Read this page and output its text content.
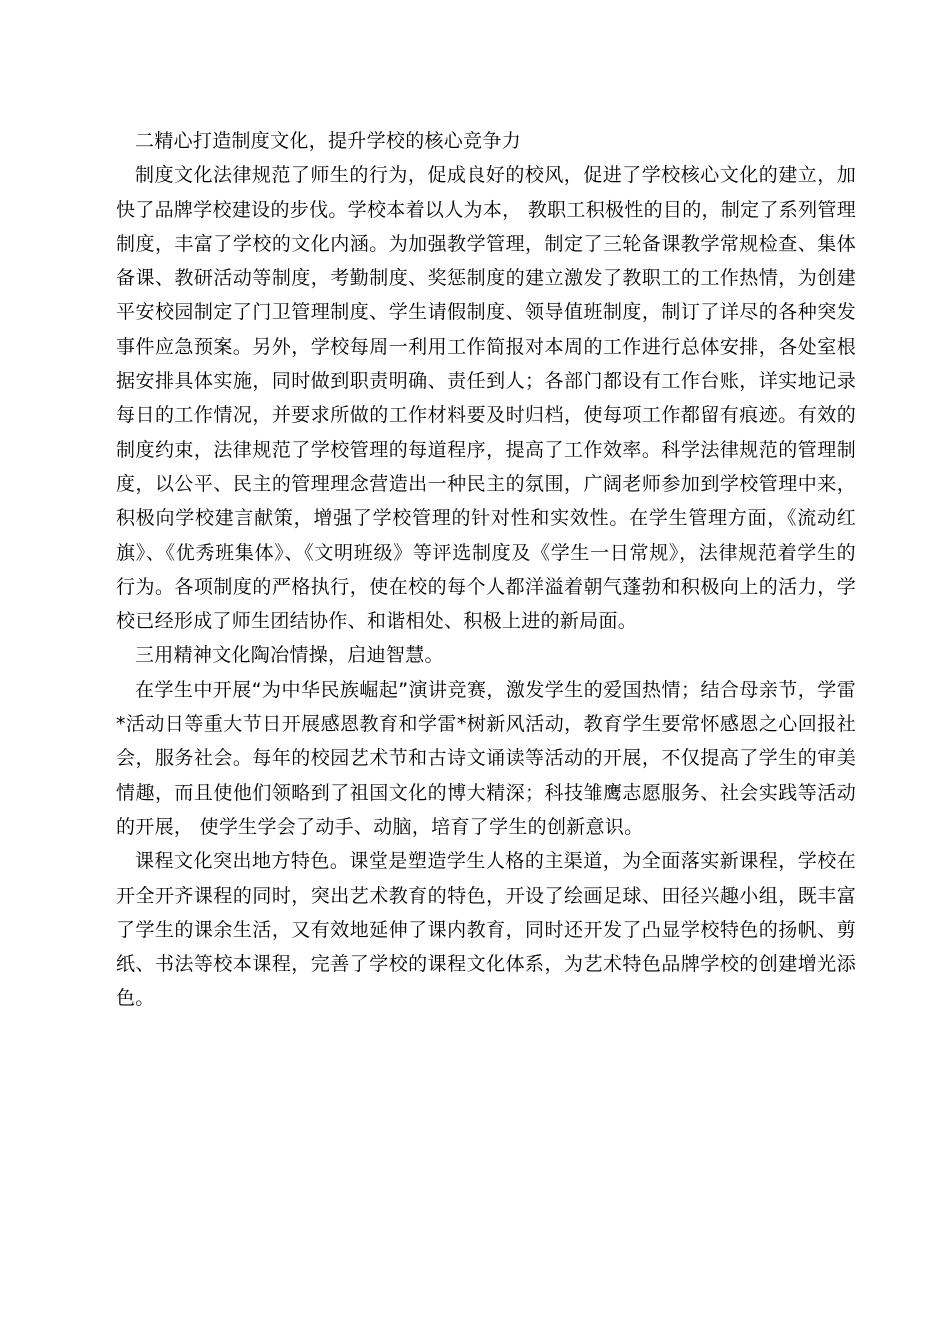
二精心打造制度文化，提升学校的核心竞争力

制度文化法律规范了师生的行为，促成良好的校风，促进了学校核心文化的建立，加快了品牌学校建设的步伐。学校本着以人为本， 教职工积极性的目的，制定了系列管理制度，丰富了学校的文化内涵。为加强教学管理，制定了三轮备课教学常规检查、集体备课、教研活动等制度，考勤制度、奖惩制度的建立激发了教职工的工作热情，为创建平安校园制定了门卫管理制度、学生请假制度、领导值班制度，制订了详尽的各种突发事件应急预案。另外，学校每周一利用工作简报对本周的工作进行总体安排，各处室根据安排具体实施，同时做到职责明确、责任到人；各部门都设有工作台账，详实地记录每日的工作情况，并要求所做的工作材料要及时归档，使每项工作都留有痕迹。有效的制度约束，法律规范了学校管理的每道程序，提高了工作效率。科学法律规范的管理制度，以公平、民主的管理理念营造出一种民主的氛围，广阔老师参加到学校管理中来，积极向学校建言献策，增强了学校管理的针对性和实效性。在学生管理方面，《流动红旗》、《优秀班集体》、《文明班级》等评选制度及《学生一日常规》，法律规范着学生的行为。各项制度的严格执行，使在校的每个人都洋溢着朝气蓬勃和积极向上的活力，学校已经形成了师生团结协作、和谐相处、积极上进的新局面。

三用精神文化陶冶情操，启迪智慧。

在学生中开展“为中华民族崛起”演讲竞赛，激发学生的爱国热情；结合母亲节，学雷*活动日等重大节日开展感恩教育和学雷*树新风活动，教育学生要常怀感恩之心回报社会，服务社会。每年的校园艺术节和古诗文诵读等活动的开展，不仅提高了学生的审美情趣，而且使他们领略到了祖国文化的博大精深；科技雏鹰志愿服务、社会实践等活动的开展， 使学生学会了动手、动脑，培育了学生的创新意识。

课程文化突出地方特色。课堂是塑造学生人格的主渠道，为全面落实新课程，学校在开全开齐课程的同时，突出艺术教育的特色，开设了绘画足球、田径兴趣小组，既丰富了学生的课余生活，又有效地延伸了课内教育，同时还开发了凸显学校特色的扬帆、剪纸、书法等校本课程，完善了学校的课程文化体系，为艺术特色品牌学校的创建增光添色。
